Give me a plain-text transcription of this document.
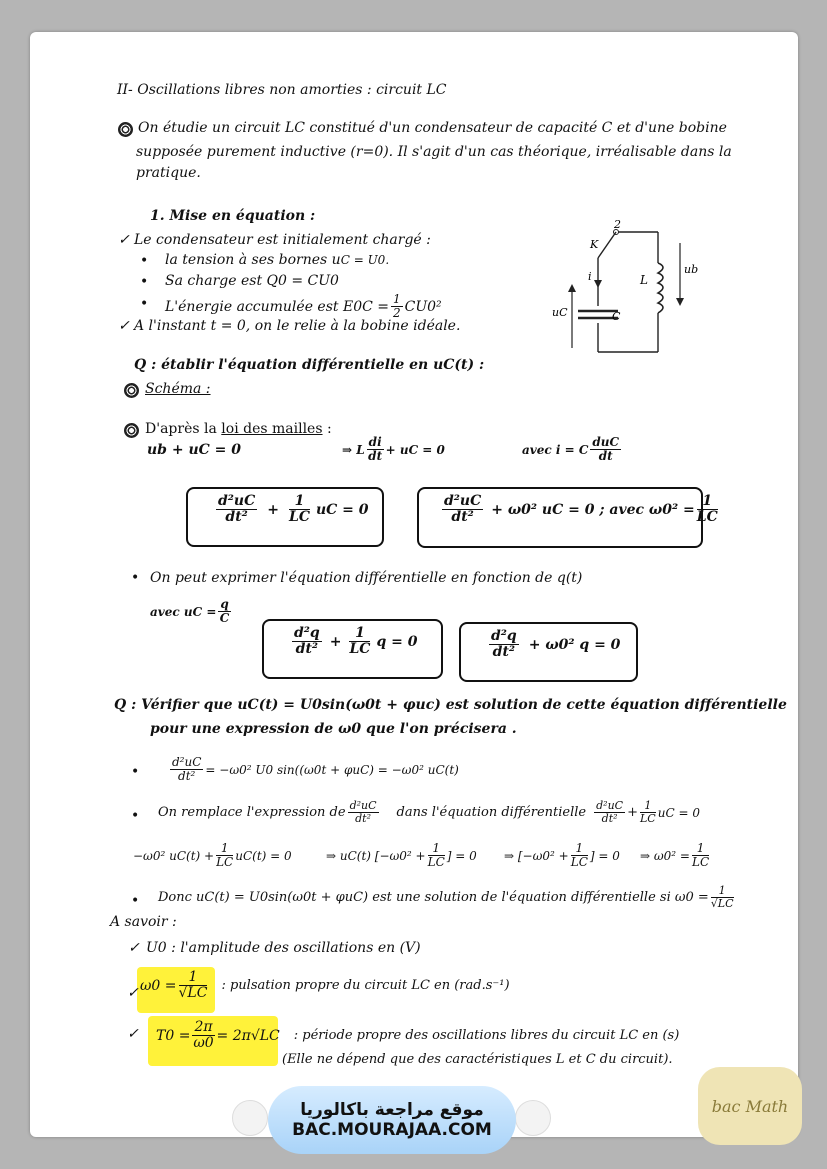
II- Oscillations libres non amorties : circuit LC
On étudie un circuit LC constitué d'un condensateur de capacité C et d'une bobine
supposée purement inductive (r=0). Il s'agit d'un cas théorique, irréalisable dans la
pratique.
1. Mise en équation :
✓ Le condensateur est initialement chargé :
• la tension à ses bornes uC = U0.
• Sa charge est Q0 = CU0
• L'énergie accumulée est $E0C = \frac{1}{2} CU0^2$
✓ A l'instant t = 0, on le relie à la bobine idéale.
2
K
i	L
ub
uC	C
Q : établir l'équation différentielle en uC(t) :
Schéma :
D'après la loi des mailles :
ub + uC = 0	⇒ L $\frac{di}{dt}$ + uC = 0	avec i = C $\frac{\text{duC}}{dt}$
$\frac{\text{d²uC}}{\text{dt²}} + \frac{1}{LC}$ uC = 0	$\frac{\text{d²uC}}{\text{dt²}} + \omega 0^2$ uC = 0 ; avec $\omega 0^2 = \frac{1}{LC}$
• On peut exprimer l'équation différentielle en fonction de q(t)
avec uC = $\frac{q}{C}$
$\frac{\text{d²q}}{\text{dt²}} + \frac{1}{LC}$ q = 0	$\frac{\text{d²q}}{\text{dt²}} + \omega 0^2$ q = 0
Q : Vérifier que uC(t) = U0sin(ω0t + φuc) est solution de cette équation différentielle
pour une expression de ω0 que l'on précisera .
•	$\frac{\text{d²uC}}{\text{dt²}} = -\omega 0^2$ U0 sin((ω0t + φuC) = −ω0² uC(t)
• On remplace l'expression de $\frac{\text{d²uC}}{\text{dt²}}$ dans l'équation différentielle $\frac{\text{d²uC}}{\text{dt²}} + \frac{1}{LC}$ uC = 0
−ω0² $uC(t) + \frac{1}{LC} uC(t) = 0$	⇒ uC(t) [$-\omega 0^2 + \frac{1}{LC}$ ] = 0 ⇒ [$-\omega 0^2 + \frac{1}{LC}$ ] = 0 ⇒ $\omega 0^2 = \frac{1}{LC}$
• Donc uC(t) = U0sin(ω0t + φuC) est une solution de l'équation différentielle si $\omega 0 = \frac{1}{√LC}$
A savoir :
✓ U0 : l'amplitude des oscillations en (V)
✓ $\omega 0 = \frac{1}{√LC}$ : pulsation propre du circuit LC en (rad.s⁻¹)
✓ $T0 = \frac{2\pi}{\omega 0} = 2\pi√LC$ : période propre des oscillations libres du circuit LC en (s)
(Elle ne dépend que des caractéristiques L et C du circuit).
موقع مراجعة باكالوريا
BAC.MOURAJAA.COM
bac Math
